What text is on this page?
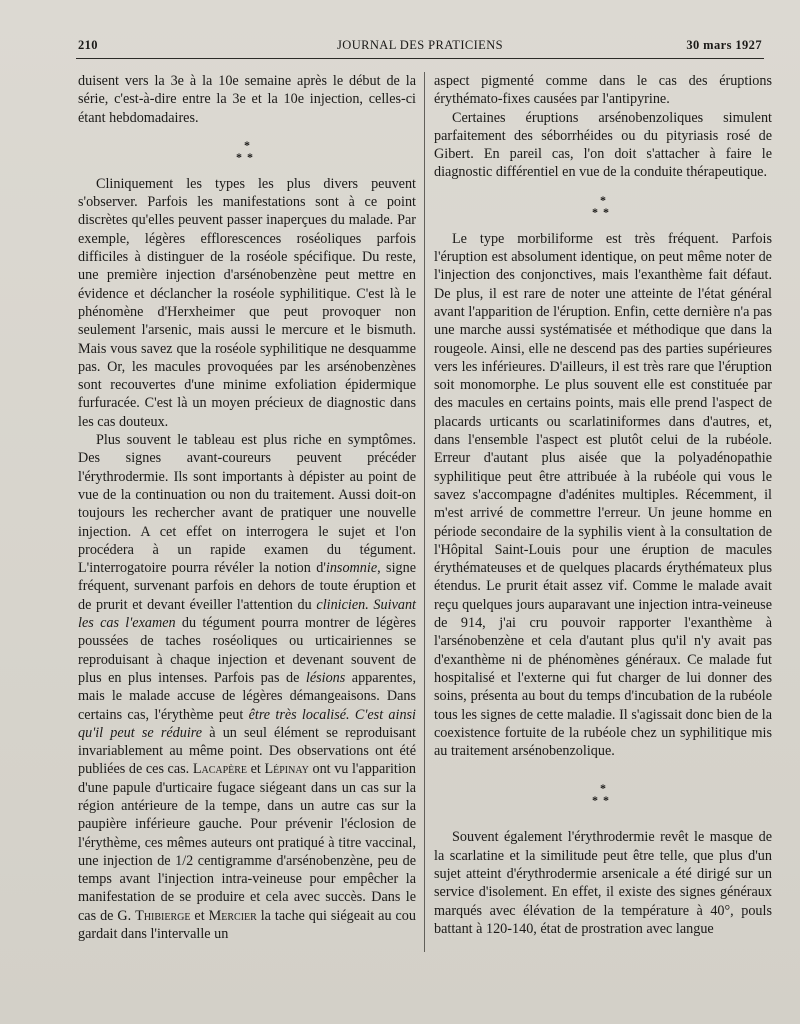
210	JOURNAL DES PRATICIENS	30 mars 1927

duisent vers la 3e à la 10e semaine après le début de la série, c'est-à-dire entre la 3e et la 10e injection, celles-ci étant hebdomadaires.

*
**

Cliniquement les types les plus divers peuvent s'observer. Parfois les manifestations sont à ce point discrètes qu'elles peuvent passer inaperçues du malade. Par exemple, légères efflorescences roséoliques parfois difficiles à distinguer de la roséole spécifique. Du reste, une première injection d'arsénobenzène peut mettre en évidence et déclancher la roséole syphilitique. C'est là le phénomène d'Herxheimer que peut provoquer non seulement l'arsenic, mais aussi le mercure et le bismuth. Mais vous savez que la roséole syphilitique ne desquamme pas. Or, les macules provoquées par les arsénobenzènes sont recouvertes d'une minime exfoliation épidermique furfuracée. C'est là un moyen précieux de diagnostic dans les cas douteux.

Plus souvent le tableau est plus riche en symptômes. Des signes avant-coureurs peuvent précéder l'érythrodermie. Ils sont importants à dépister au point de vue de la continuation ou non du traitement. Aussi doit-on toujours les rechercher avant de pratiquer une nouvelle injection. A cet effet on interrogera le sujet et l'on procédera à un rapide examen du tégument. L'interrogatoire pourra révéler la notion d'insomnie, signe fréquent, survenant parfois en dehors de toute éruption et de prurit et devant éveiller l'attention du clinicien. Suivant les cas l'examen du tégument pourra montrer de légères poussées de taches roséoliques ou urticairiennes se reproduisant à chaque injection et devenant souvent de plus en plus intenses. Parfois pas de lésions apparentes, mais le malade accuse de légères démangeaisons. Dans certains cas, l'érythème peut être très localisé. C'est ainsi qu'il peut se réduire à un seul élément se reproduisant invariablement au même point. Des observations ont été publiées de ces cas. Lacapère et Lépinay ont vu l'apparition d'une papule d'urticaire fugace siégeant dans un cas sur la région antérieure de la tempe, dans un autre cas sur la paupière inférieure gauche. Pour prévenir l'éclosion de l'érythème, ces mêmes auteurs ont pratiqué à titre vaccinal, une injection de 1/2 centigramme d'arsénobenzène, peu de temps avant l'injection intra-veineuse pour empêcher la manifestation de se produire et cela avec succès. Dans le cas de G. Thibierge et Mercier la tache qui siégeait au cou gardait dans l'intervalle un

aspect pigmenté comme dans le cas des éruptions érythémato-fixes causées par l'antipyrine.

Certaines éruptions arsénobenzoliques simulent parfaitement des séborrhéides ou du pityriasis rosé de Gibert. En pareil cas, l'on doit s'attacher à faire le diagnostic différentiel en vue de la conduite thérapeutique.

*
**

Le type morbiliforme est très fréquent. Parfois l'éruption est absolument identique, on peut même noter de l'injection des conjonctives, mais l'exanthème fait défaut. De plus, il est rare de noter une atteinte de l'état général avant l'apparition de l'éruption. Enfin, cette dernière n'a pas une marche aussi systématisée et méthodique que dans la rougeole. Ainsi, elle ne descend pas des parties supérieures vers les inférieures. D'ailleurs, il est très rare que l'éruption soit monomorphe. Le plus souvent elle est constituée par des macules en certains points, mais elle prend l'aspect de placards urticants ou scarlatiniformes dans d'autres, et, dans l'ensemble l'aspect est plutôt celui de la rubéole. Erreur d'autant plus aisée que la polyadénopathie syphilitique peut être attribuée à la rubéole qui vous le savez s'accompagne d'adénites multiples. Récemment, il m'est arrivé de commettre l'erreur. Un jeune homme en période secondaire de la syphilis vient à la consultation de l'Hôpital Saint-Louis pour une éruption de macules érythémateuses et de quelques placards érythémateux plus étendus. Le prurit était assez vif. Comme le malade avait reçu quelques jours auparavant une injection intra-veineuse de 914, j'ai cru pouvoir rapporter l'exanthème à l'arsénobenzène et cela d'autant plus qu'il n'y avait pas d'exanthème ni de phénomènes généraux. Ce malade fut hospitalisé et l'externe qui fut charger de lui donner des soins, présenta au bout du temps d'incubation de la rubéole tous les signes de cette maladie. Il s'agissait donc bien de la coexistence fortuite de la rubéole chez un syphilitique mis au traitement arsénobenzolique.

*
**

Souvent également l'érythrodermie revêt le masque de la scarlatine et la similitude peut être telle, que plus d'un sujet atteint d'érythrodermie arsenicale a été dirigé sur un service d'isolement. En effet, il existe des signes généraux marqués avec élévation de la température à 40°, pouls battant à 120-140, état de prostration avec langue
